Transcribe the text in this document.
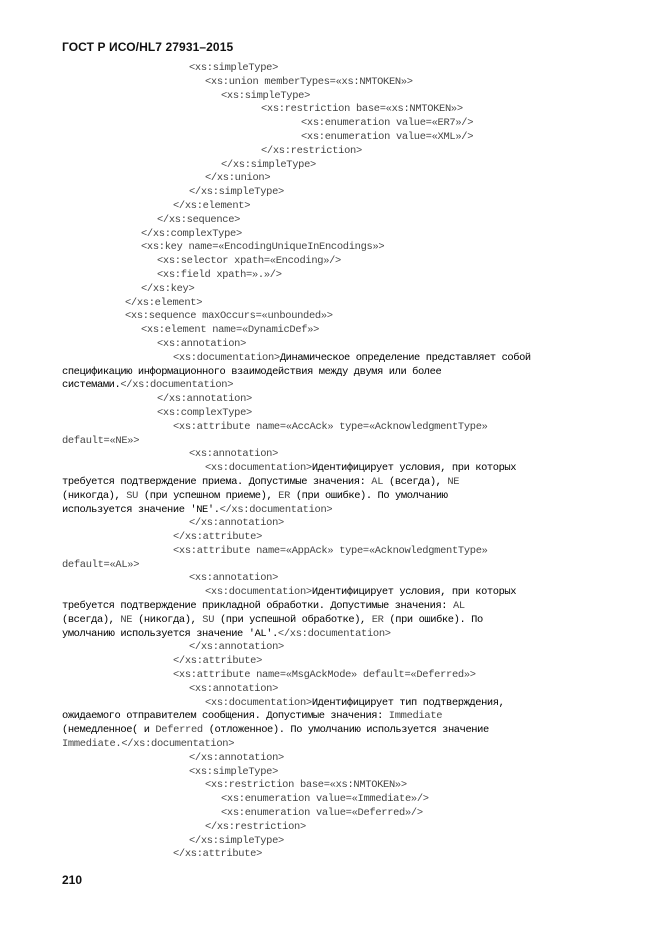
ГОСТ Р ИСО/HL7 27931–2015
<xs:simpleType>
<xs:union memberTypes=«xs:NMTOKEN»>
<xs:simpleType>
<xs:restriction base=«xs:NMTOKEN»>
<xs:enumeration value=«ER7»/>
<xs:enumeration value=«XML»/>
</xs:restriction>
</xs:simpleType>
</xs:union>
</xs:simpleType>
</xs:element>
</xs:sequence>
</xs:complexType>
<xs:key name=«EncodingUniqueInEncodings»>
<xs:selector xpath=«Encoding»/>
<xs:field xpath=».»/>
</xs:key>
</xs:element>
<xs:sequence maxOccurs=«unbounded»>
<xs:element name=«DynamicDef»>
<xs:annotation>
<xs:documentation>Динамическое определение представляет собой
спецификацию информационного взаимодействия между двумя или более
системами.</xs:documentation>
</xs:annotation>
<xs:complexType>
<xs:attribute name=«AccAck» type=«AcknowledgmentType»
default=«NE»>
<xs:annotation>
<xs:documentation>Идентифицирует условия, при которых
требуется подтверждение приема. Допустимые значения: AL (всегда), NE
(никогда), SU (при успешном приеме), ER (при ошибке). По умолчанию
используется значение 'NE'.</xs:documentation>
</xs:annotation>
</xs:attribute>
<xs:attribute name=«AppAck» type=«AcknowledgmentType»
default=«AL»>
<xs:annotation>
<xs:documentation>Идентифицирует условия, при которых
требуется подтверждение прикладной обработки. Допустимые значения: AL
(всегда), NE (никогда), SU (при успешной обработке), ER (при ошибке). По
умолчанию используется значение 'AL'.</xs:documentation>
</xs:annotation>
</xs:attribute>
<xs:attribute name=«MsgAckMode» default=«Deferred»>
<xs:annotation>
<xs:documentation>Идентифицирует тип подтверждения,
ожидаемого отправителем сообщения. Допустимые значения: Immediate
(немедленное( и Deferred (отложенное). По умолчанию используется значение
Immediate.</xs:documentation>
</xs:annotation>
<xs:simpleType>
<xs:restriction base=«xs:NMTOKEN»>
<xs:enumeration value=«Immediate»/>
<xs:enumeration value=«Deferred»/>
</xs:restriction>
</xs:simpleType>
</xs:attribute>
210
